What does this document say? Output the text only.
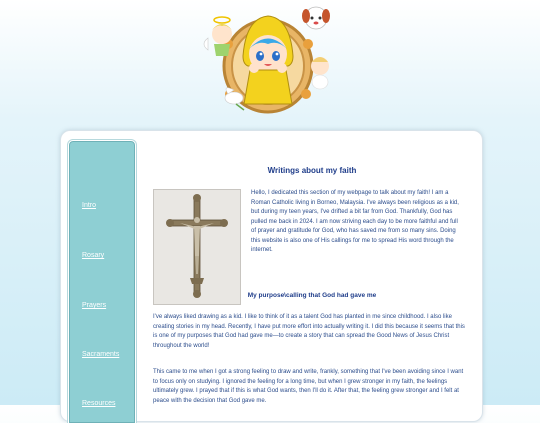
Intro
Rosary
Prayers
Sacraments
Resources
Writings about my faith

Hello, I dedicated this section of my webpage to talk about my faith! I am a Roman Catholic living in Borneo, Malaysia. I've always been religious as a kid, but during my teen years, I've drifted a bit far from God. Thankfully, God has pulled me back in 2024. I am now striving each day to be more faithful and full of prayer and gratitude for God, who has saved me from so many sins. Doing this website is also one of His callings for me to spread His word through the internet.

My purpose\calling that God had gave me

I've always liked drawing as a kid. I like to think of it as a talent God has planted in me since childhood. I also like creating stories in my head. Recently, I have put more effort into actually writing it. I did this because it seems that this is one of my purposes that God had gave me—to create a story that can spread the Good News of Jesus Christ throughout the world!

This came to me when I got a strong feeling to draw and write, frankly, something that I've been avoiding since I want to focus only on studying. I ignored the feeling for a long time, but when I grew stronger in my faith, the feelings ultimately grew. I prayed that if this is what God wants, then I'll do it. After that, the feeling grew stronger and I felt at peace with the decision that God gave me.
